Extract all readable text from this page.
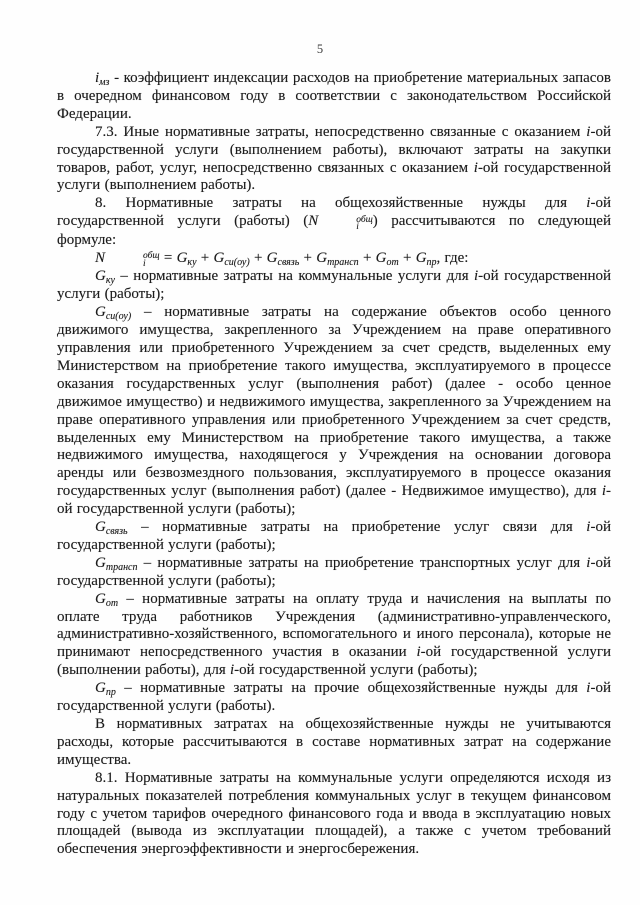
5

$i_{мз}$ - коэффициент индексации расходов на приобретение материальных запасов в очередном финансовом году в соответствии с законодательством Российской Федерации.

7.3. Иные нормативные затраты, непосредственно связанные с оказанием i-ой государственной услуги (выполнением работы), включают затраты на закупки товаров, работ, услуг, непосредственно связанных с оказанием i-ой государственной услуги (выполнением работы).

8. Нормативные затраты на общехозяйственные нужды для i-ой государственной услуги (работы) (N	общ
i ) рассчитываются по следующей формуле:

N	общ
$i = G_{ку} + G_{си(оу)} + G_{связь} + G_{трансп} + G_{от} + G_{пр}$, где:

$G_{ку}$ – нормативные затраты на коммунальные услуги для i-ой государственной услуги (работы);

$G_{си(оу)}$ – нормативные затраты на содержание объектов особо ценного движимого имущества, закрепленного за Учреждением на праве оперативного управления или приобретенного Учреждением за счет средств, выделенных ему Министерством на приобретение такого имущества, эксплуатируемого в процессе оказания государственных услуг (выполнения работ) (далее - особо ценное движимое имущество) и недвижимого имущества, закрепленного за Учреждением на праве оперативного управления или приобретенного Учреждением за счет средств, выделенных ему Министерством на приобретение такого имущества, а также недвижимого имущества, находящегося у Учреждения на основании договора аренды или безвозмездного пользования, эксплуатируемого в процессе оказания государственных услуг (выполнения работ) (далее - Недвижимое имущество), для i-ой государственной услуги (работы);

$G_{связь}$ – нормативные затраты на приобретение услуг связи для i-ой государственной услуги (работы);

$G_{трансп}$ – нормативные затраты на приобретение транспортных услуг для i-ой государственной услуги (работы);

$G_{от}$ – нормативные затраты на оплату труда и начисления на выплаты по оплате труда работников Учреждения (административно-управленческого, административно-хозяйственного, вспомогательного и иного персонала), которые не принимают непосредственного участия в оказании i-ой государственной услуги (выполнении работы), для i-ой государственной услуги (работы);

$G_{пр}$ – нормативные затраты на прочие общехозяйственные нужды для i-ой государственной услуги (работы).

В нормативных затратах на общехозяйственные нужды не учитываются расходы, которые рассчитываются в составе нормативных затрат на содержание имущества.

8.1. Нормативные затраты на коммунальные услуги определяются исходя из натуральных показателей потребления коммунальных услуг в текущем финансовом году с учетом тарифов очередного финансового года и ввода в эксплуатацию новых площадей (вывода из эксплуатации площадей), а также с учетом требований обеспечения энергоэффективности и энергосбережения.
